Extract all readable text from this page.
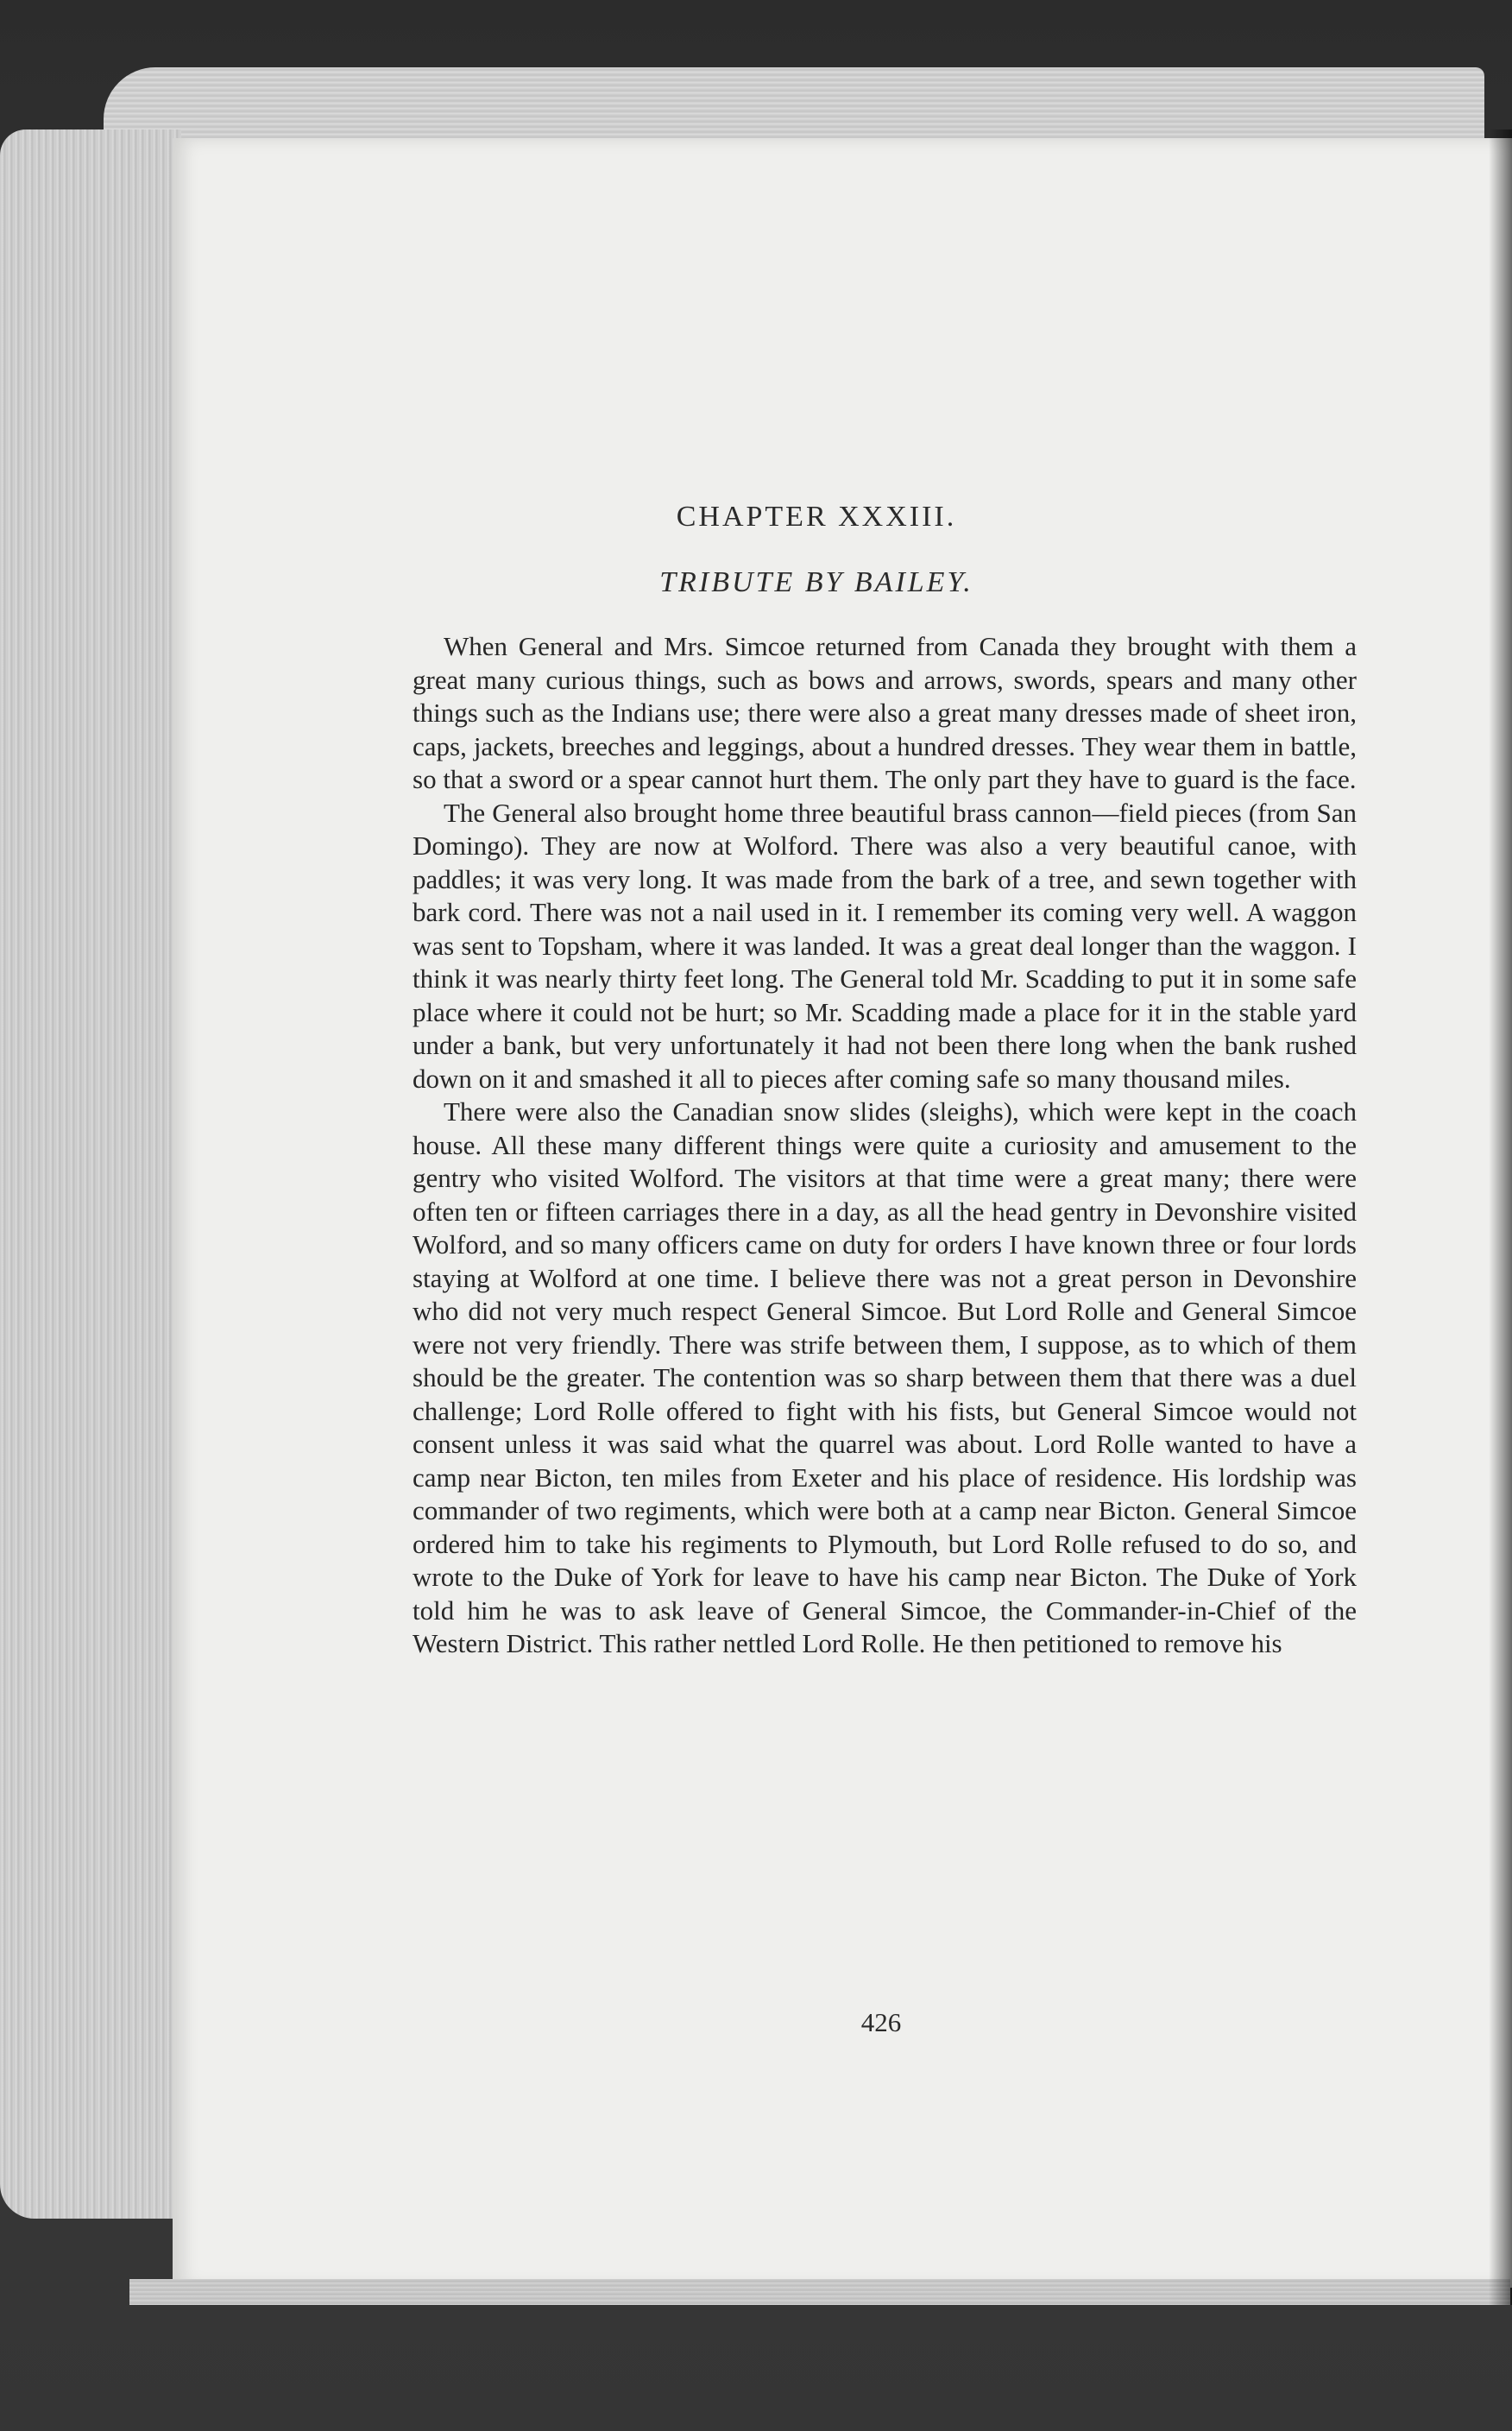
CHAPTER XXXIII.
TRIBUTE BY BAILEY.

When General and Mrs. Simcoe returned from Canada they brought with them a great many curious things, such as bows and arrows, swords, spears and many other things such as the Indians use; there were also a great many dresses made of sheet iron, caps, jackets, breeches and leggings, about a hundred dresses. They wear them in battle, so that a sword or a spear cannot hurt them. The only part they have to guard is the face.

The General also brought home three beautiful brass cannon—field pieces (from San Domingo). They are now at Wolford. There was also a very beautiful canoe, with paddles; it was very long. It was made from the bark of a tree, and sewn together with bark cord. There was not a nail used in it. I remember its coming very well. A waggon was sent to Topsham, where it was landed. It was a great deal longer than the waggon. I think it was nearly thirty feet long. The General told Mr. Scadding to put it in some safe place where it could not be hurt; so Mr. Scadding made a place for it in the stable yard under a bank, but very unfortunately it had not been there long when the bank rushed down on it and smashed it all to pieces after coming safe so many thousand miles.

There were also the Canadian snow slides (sleighs), which were kept in the coach house. All these many different things were quite a curiosity and amusement to the gentry who visited Wolford. The visitors at that time were a great many; there were often ten or fifteen carriages there in a day, as all the head gentry in Devonshire visited Wolford, and so many officers came on duty for orders I have known three or four lords staying at Wolford at one time. I believe there was not a great person in Devonshire who did not very much respect General Simcoe. But Lord Rolle and General Simcoe were not very friendly. There was strife between them, I suppose, as to which of them should be the greater. The contention was so sharp between them that there was a duel challenge; Lord Rolle offered to fight with his fists, but General Simcoe would not consent unless it was said what the quarrel was about. Lord Rolle wanted to have a camp near Bicton, ten miles from Exeter and his place of residence. His lordship was commander of two regiments, which were both at a camp near Bicton. General Simcoe ordered him to take his regiments to Plymouth, but Lord Rolle refused to do so, and wrote to the Duke of York for leave to have his camp near Bicton. The Duke of York told him he was to ask leave of General Simcoe, the Commander-in-Chief of the Western District. This rather nettled Lord Rolle. He then petitioned to remove his

426
